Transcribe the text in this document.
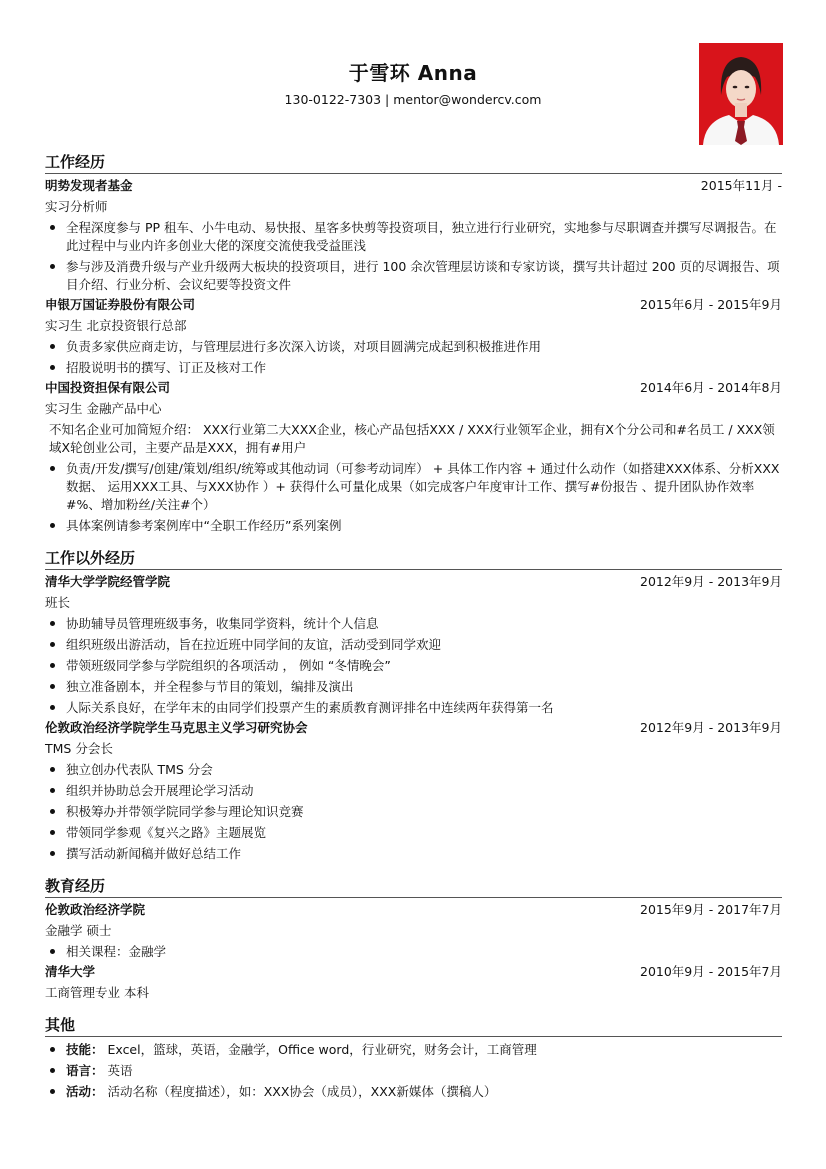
于雪环 Anna
130-0122-7303 | mentor@wondercv.com
工作经历
明势发现者基金	2015年11月 -
实习分析师
全程深度参与 PP 租车、小牛电动、易快报、星客多快剪等投资项目，独立进行行业研究，实地参与尽职调查并撰写尽调报告。在此过程中与业内许多创业大佬的深度交流使我受益匪浅
参与涉及消费升级与产业升级两大板块的投资项目，进行 100 余次管理层访谈和专家访谈，撰写共计超过 200 页的尽调报告、项目介绍、行业分析、会议纪要等投资文件
申银万国证券股份有限公司	2015年6月 - 2015年9月
实习生 北京投资银行总部
负责多家供应商走访，与管理层进行多次深入访谈，对项目圆满完成起到积极推进作用
招股说明书的撰写、订正及核对工作
中国投资担保有限公司	2014年6月 - 2014年8月
实习生 金融产品中心
不知名企业可加简短介绍： XXX行业第二大XXX企业，核心产品包括XXX / XXX行业领军企业，拥有X个分公司和#名员工 / XXX领域X轮创业公司，主要产品是XXX，拥有#用户
负责/开发/撰写/创建/策划/组织/统筹或其他动词（可参考动词库） + 具体工作内容 + 通过什么动作（如搭建XXX体系、分析XXX数据、 运用XXX工具、与XXX协作 ）+ 获得什么可量化成果（如完成客户年度审计工作、撰写#份报告 、提升团队协作效率#%、增加粉丝/关注#个）
具体案例请参考案例库中“全职工作经历”系列案例
工作以外经历
清华大学学院经管学院	2012年9月 - 2013年9月
班长
协助辅导员管理班级事务，收集同学资料，统计个人信息
组织班级出游活动，旨在拉近班中同学间的友谊，活动受到同学欢迎
带领班级同学参与学院组织的各项活动 ， 例如 “冬情晚会”
独立准备剧本，并全程参与节目的策划，编排及演出
人际关系良好，在学年末的由同学们投票产生的素质教育测评排名中连续两年获得第一名
伦敦政治经济学院学生马克思主义学习研究协会	2012年9月 - 2013年9月
TMS 分会长
独立创办代表队 TMS 分会
组织并协助总会开展理论学习活动
积极筹办并带领学院同学参与理论知识竞赛
带领同学参观《复兴之路》主题展览
撰写活动新闻稿并做好总结工作
教育经历
伦敦政治经济学院	2015年9月 - 2017年7月
金融学 硕士
相关课程：金融学
清华大学	2010年9月 - 2015年7月
工商管理专业 本科
其他
技能： Excel，篮球，英语，金融学，Office word，行业研究，财务会计，工商管理
语言： 英语
活动： 活动名称（程度描述），如：XXX协会（成员），XXX新媒体（撰稿人）
